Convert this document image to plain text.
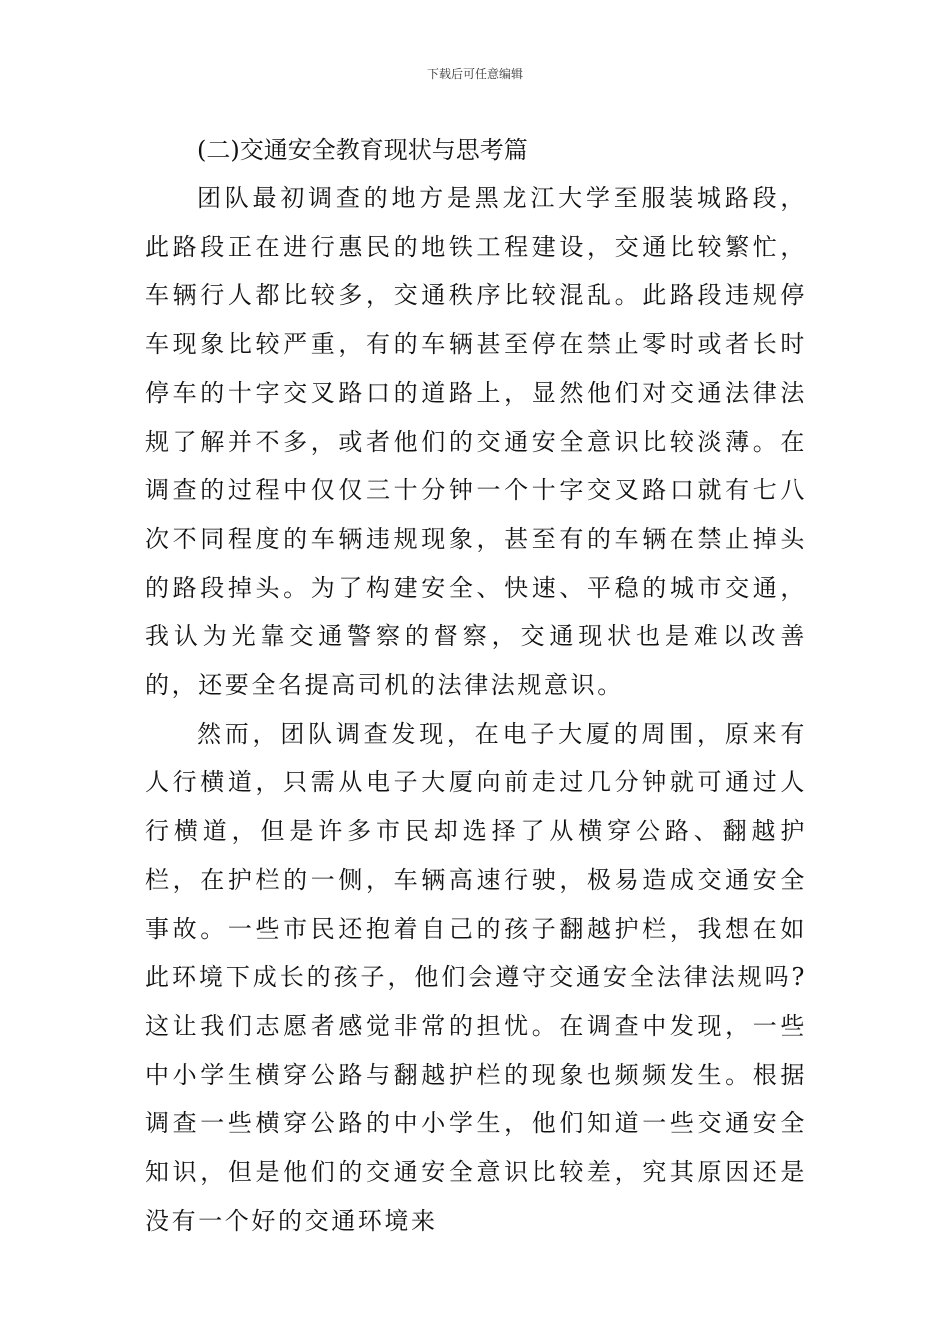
下载后可任意编辑
(二)交通安全教育现状与思考篇

团队最初调查的地方是黑龙江大学至服装城路段，此路段正在进行惠民的地铁工程建设，交通比较繁忙，车辆行人都比较多，交通秩序比较混乱。此路段违规停车现象比较严重，有的车辆甚至停在禁止零时或者长时停车的十字交叉路口的道路上，显然他们对交通法律法规了解并不多，或者他们的交通安全意识比较淡薄。在调查的过程中仅仅三十分钟一个十字交叉路口就有七八次不同程度的车辆违规现象，甚至有的车辆在禁止掉头的路段掉头。为了构建安全、快速、平稳的城市交通，我认为光靠交通警察的督察，交通现状也是难以改善的，还要全名提高司机的法律法规意识。

然而，团队调查发现，在电子大厦的周围，原来有人行横道，只需从电子大厦向前走过几分钟就可通过人行横道，但是许多市民却选择了从横穿公路、翻越护栏，在护栏的一侧，车辆高速行驶，极易造成交通安全事故。一些市民还抱着自己的孩子翻越护栏，我想在如此环境下成长的孩子，他们会遵守交通安全法律法规吗?这让我们志愿者感觉非常的担忧。在调查中发现，一些中小学生横穿公路与翻越护栏的现象也频频发生。根据调查一些横穿公路的中小学生，他们知道一些交通安全知识，但是他们的交通安全意识比较差，究其原因还是没有一个好的交通环境来
